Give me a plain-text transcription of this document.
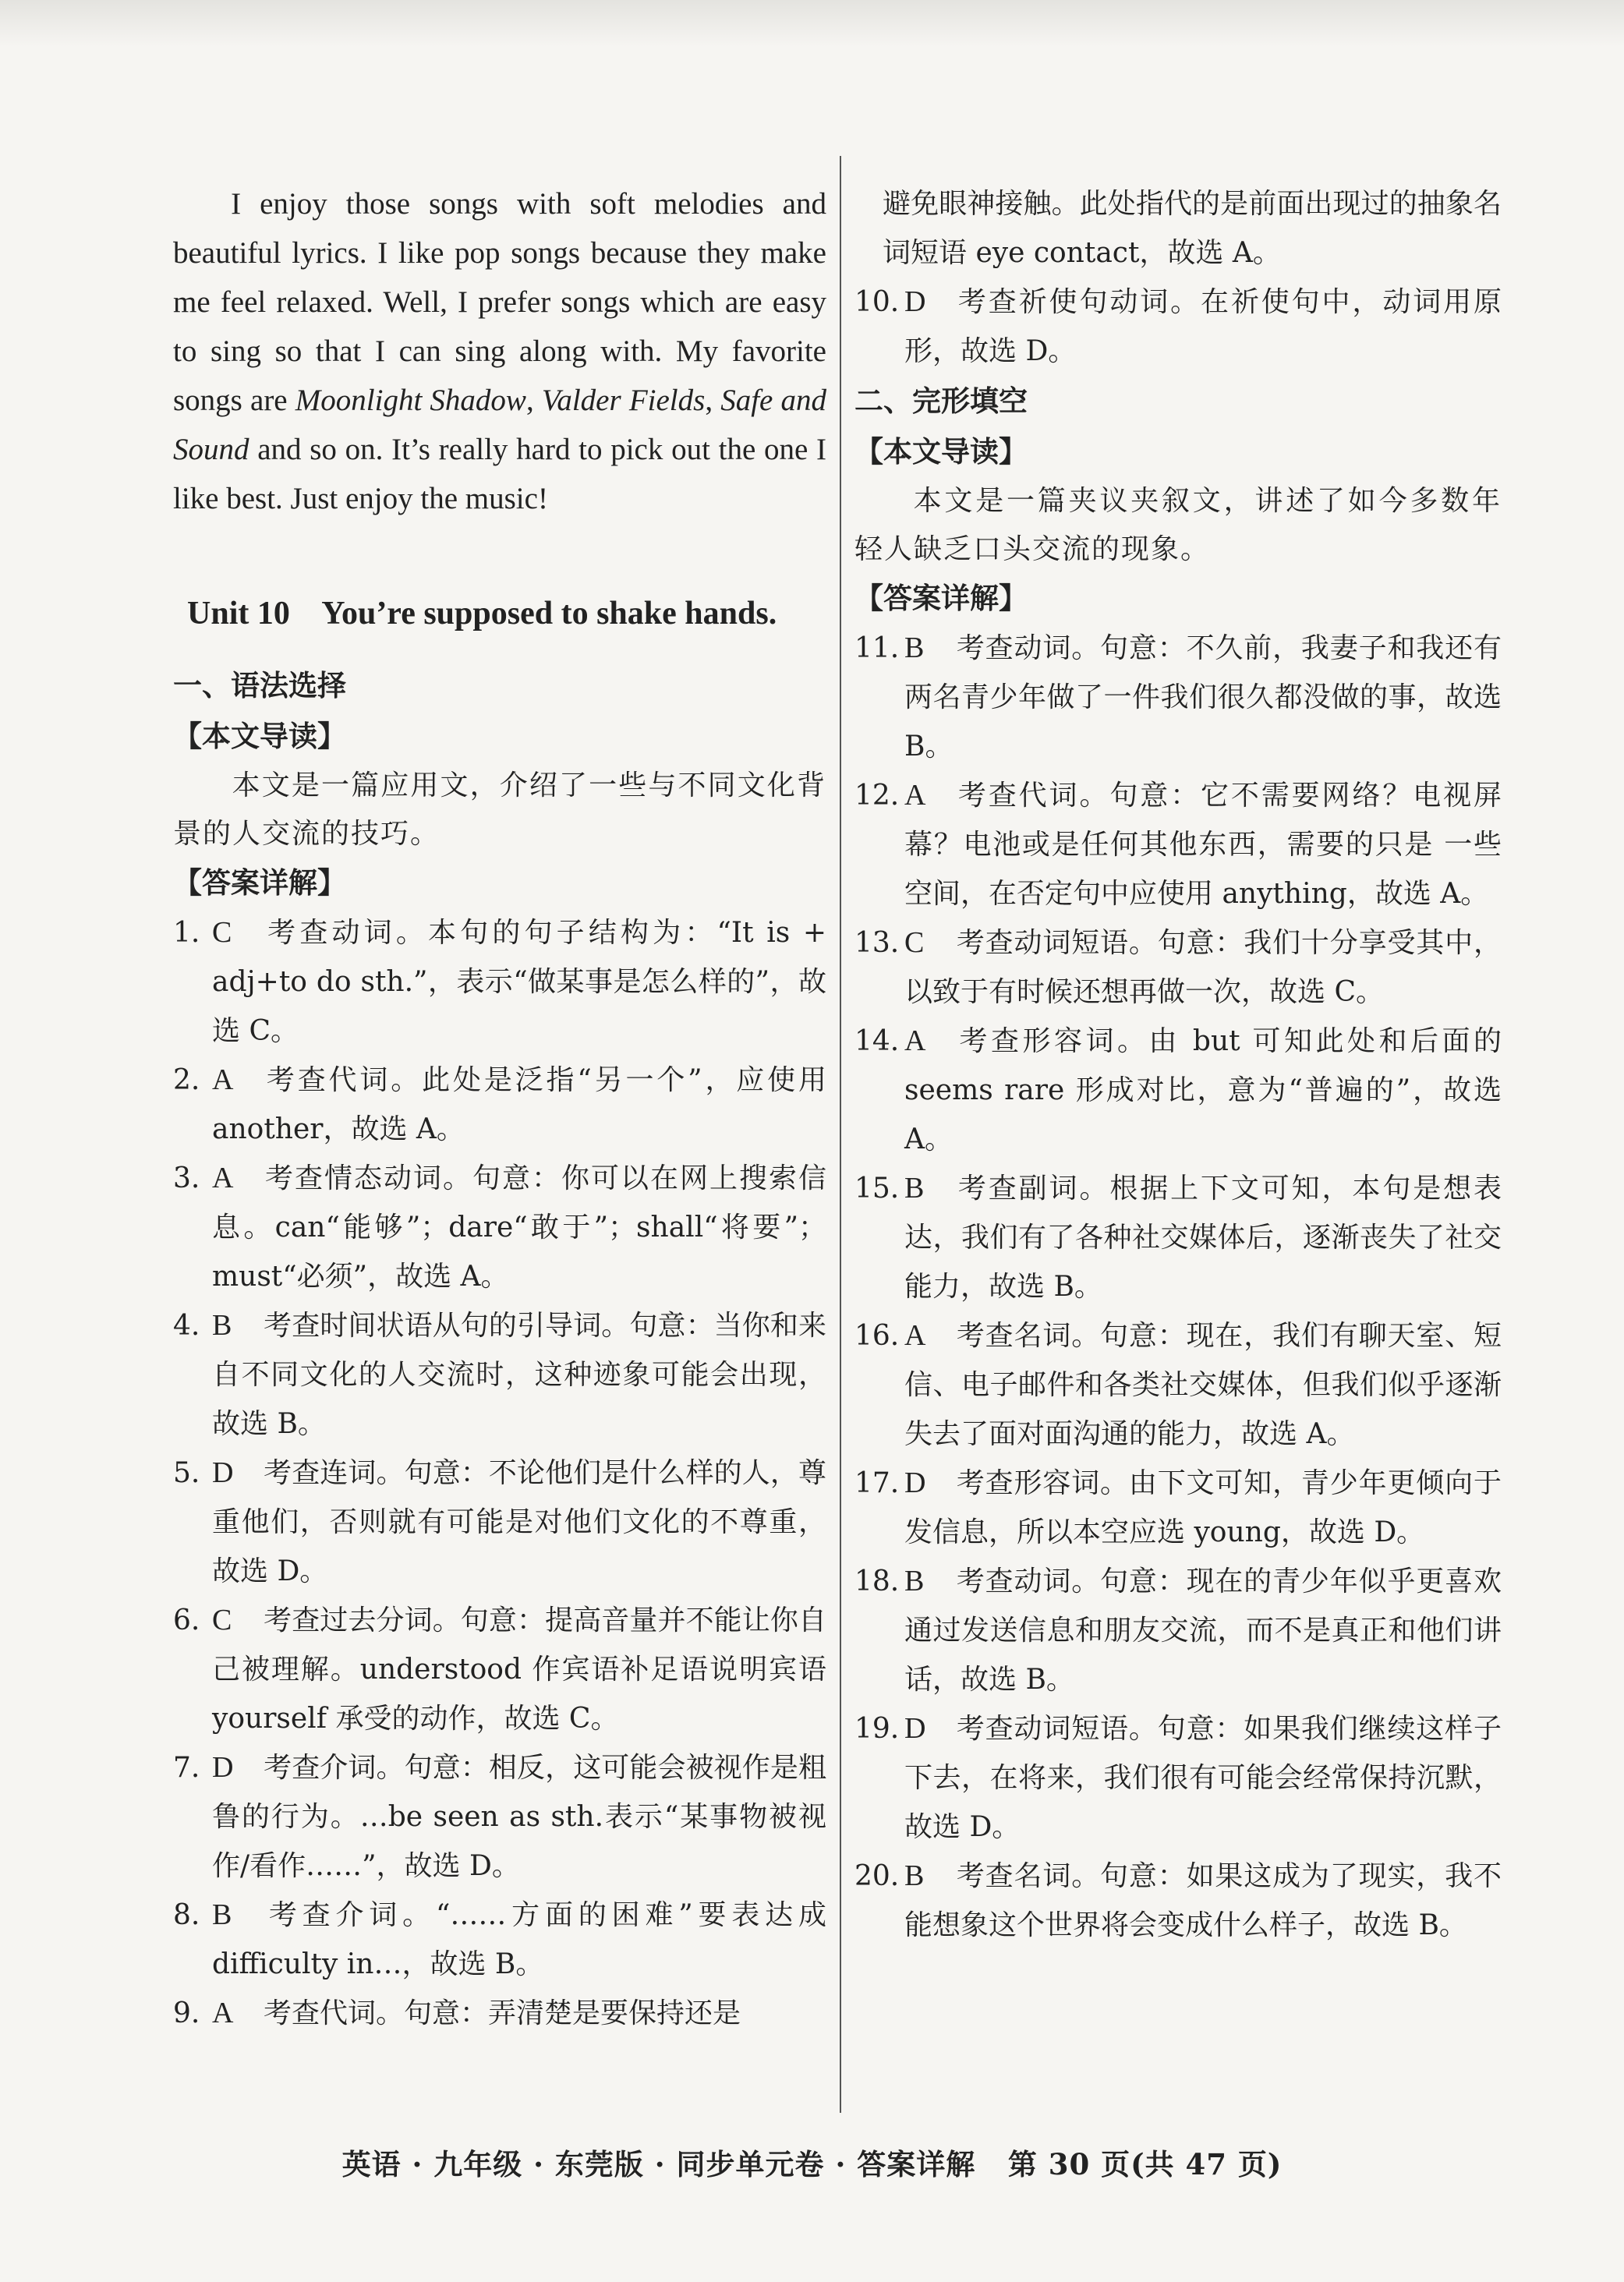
I enjoy those songs with soft melodies and beautiful lyrics. I like pop songs because they make me feel relaxed. Well, I prefer songs which are easy to sing so that I can sing along with. My favorite songs are Moonlight Shadow, Valder Fields, Safe and Sound and so on. It’s really hard to pick out the one I like best. Just enjoy the music!

Unit 10    You’re supposed to shake hands.

一、语法选择

【本文导读】

本文是一篇应用文，介绍了一些与不同文化背景的人交流的技巧。

【答案详解】

1. C 考查动词。本句的句子结构为：“It is + adj+to do sth.”，表示“做某事是怎么样的”，故选 C。
2. A 考查代词。此处是泛指“另一个”，应使用 another，故选 A。
3. A 考查情态动词。句意：你可以在网上搜索信息。can“能够”；dare“敢于”；shall“将要”；must“必须”，故选 A。
4. B 考查时间状语从句的引导词。句意：当你和来自不同文化的人交流时，这种迹象可能会出现，故选 B。
5. D 考查连词。句意：不论他们是什么样的人，尊重他们，否则就有可能是对他们文化的不尊重，故选 D。
6. C 考查过去分词。句意：提高音量并不能让你自己被理解。understood 作宾语补足语说明宾语 yourself 承受的动作，故选 C。
7. D 考查介词。句意：相反，这可能会被视作是粗鲁的行为。…be seen as sth.表示“某事物被视作/看作……”，故选 D。
8. B 考查介词。“……方面的困难”要表达成 difficulty in…，故选 B。
9. A 考查代词。句意：弄清楚是要保持还是

避免眼神接触。此处指代的是前面出现过的抽象名词短语 eye contact，故选 A。

10. D 考查祈使句动词。在祈使句中，动词用原形，故选 D。

二、完形填空

【本文导读】

本文是一篇夹议夹叙文，讲述了如今多数年轻人缺乏口头交流的现象。

【答案详解】

11. B 考查动词。句意：不久前，我妻子和我还有两名青少年做了一件我们很久都没做的事，故选 B。
12. A 考查代词。句意：它不需要网络？电视屏幕？电池或是任何其他东西，需要的只是 一些空间，在否定句中应使用 anything，故选 A。
13. C 考查动词短语。句意：我们十分享受其中，以致于有时候还想再做一次，故选 C。
14. A 考查形容词。由 but 可知此处和后面的 seems rare 形成对比，意为“普遍的”，故选 A。
15. B 考查副词。根据上下文可知，本句是想表达，我们有了各种社交媒体后，逐渐丧失了社交能力，故选 B。
16. A 考查名词。句意：现在，我们有聊天室、短 信、电子邮件和各类社交媒体，但我们似乎逐渐失去了面对面沟通的能力，故选 A。
17. D 考查形容词。由下文可知，青少年更倾向于发信息，所以本空应选 young，故选 D。
18. B 考查动词。句意：现在的青少年似乎更喜欢通过发送信息和朋友交流，而不是真正和他们讲话，故选 B。
19. D 考查动词短语。句意：如果我们继续这样子下去，在将来，我们很有可能会经常保持沉默，故选 D。
20. B 考查名词。句意：如果这成为了现实，我不能想象这个世界将会变成什么样子，故选 B。
英语 · 九年级 · 东莞版 · 同步单元卷 · 答案详解   第 30 页(共 47 页)
